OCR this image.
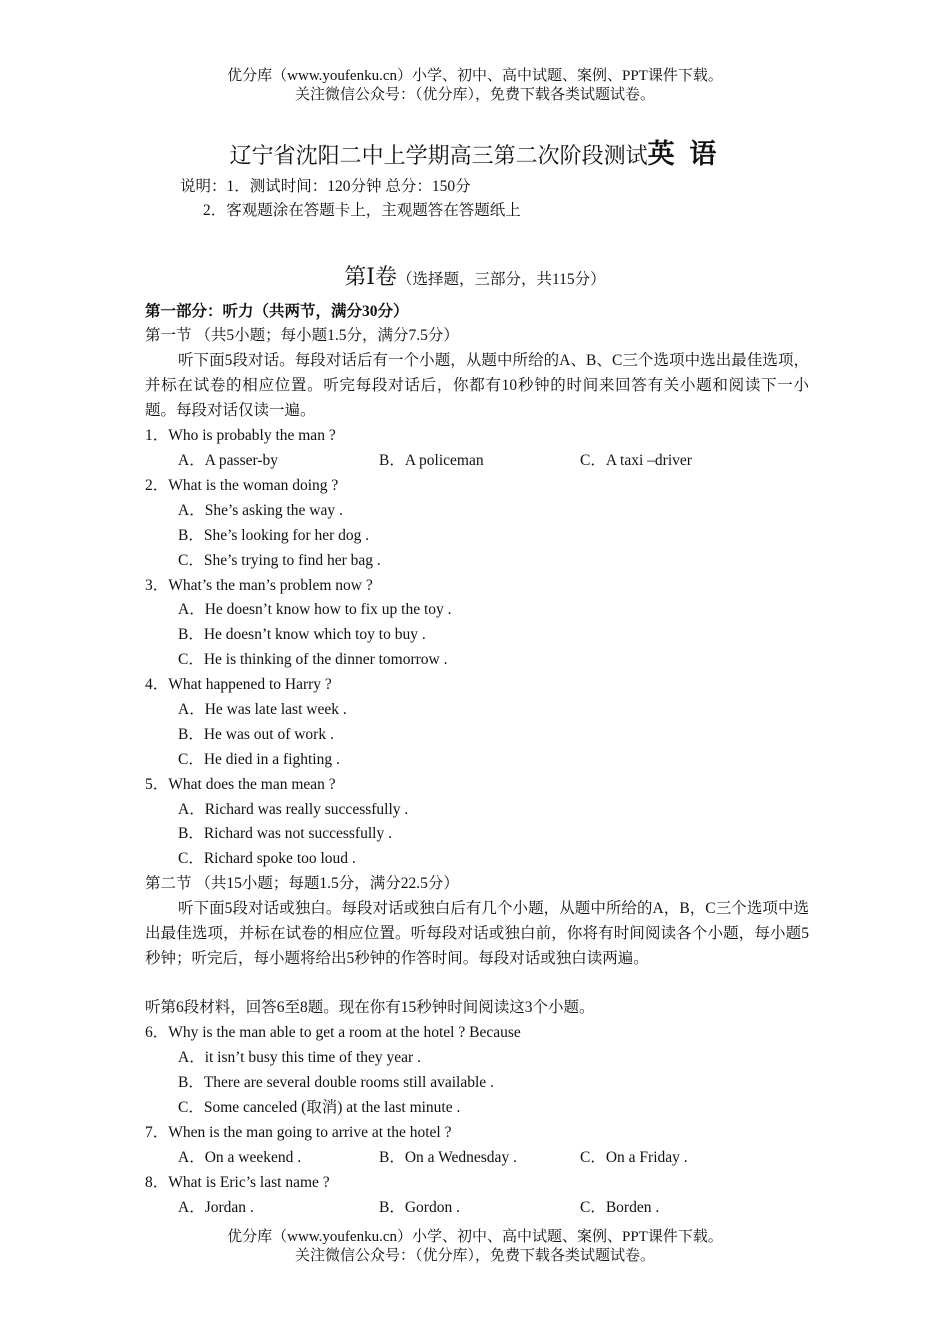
优分库（www.youfenku.cn）小学、初中、高中试题、案例、PPT课件下载。
关注微信公众号：（优分库），免费下载各类试题试卷。
辽宁省沈阳二中上学期高三第二次阶段测试英 语
说明：1．测试时间：120分钟 总分：150分
2．客观题涂在答题卡上，主观题答在答题纸上
第Ⅰ卷（选择题，三部分，共115分）
第一部分：听力（共两节，满分30分）
第一节 （共5小题；每小题1.5分，满分7.5分）
听下面5段对话。每段对话后有一个小题，从题中所给的A、B、C三个选项中选出最佳选项，并标在试卷的相应位置。听完每段对话后，你都有10秒钟的时间来回答有关小题和阅读下一小题。每段对话仅读一遍。
1．Who is probably the man ?
A．A passer-by	B．A policeman	C．A taxi –driver
2．What is the woman doing ?
A．She’s asking the way .
B．She’s looking for her dog .
C．She’s trying to find her bag .
3．What’s the man’s problem now ?
A．He doesn’t know how to fix up the toy .
B．He doesn’t know which toy to buy .
C．He is thinking of the dinner tomorrow .
4．What happened to Harry ?
A．He was late last week .
B．He was out of work .
C．He died in a fighting .
5．What does the man mean ?
A．Richard was really successfully .
B．Richard was not successfully .
C．Richard spoke too loud .
第二节 （共15小题；每题1.5分，满分22.5分）
听下面5段对话或独白。每段对话或独白后有几个小题，从题中所给的A，B，C三个选项中选出最佳选项，并标在试卷的相应位置。听每段对话或独白前，你将有时间阅读各个小题，每小题5秒钟；听完后，每小题将给出5秒钟的作答时间。每段对话或独白读两遍。
听第6段材料，回答6至8题。现在你有15秒钟时间阅读这3个小题。
6．Why is the man able to get a room at the hotel ? Because
A．it isn’t busy this time of they year .
B．There are several double rooms still available .
C．Some canceled (取消) at the last minute .
7．When is the man going to arrive at the hotel ?
A．On a weekend .	B．On a Wednesday .	C．On a Friday .
8．What is Eric’s last name ?
A．Jordan .	B．Gordon .	C．Borden .
优分库（www.youfenku.cn）小学、初中、高中试题、案例、PPT课件下载。
关注微信公众号：（优分库），免费下载各类试题试卷。
